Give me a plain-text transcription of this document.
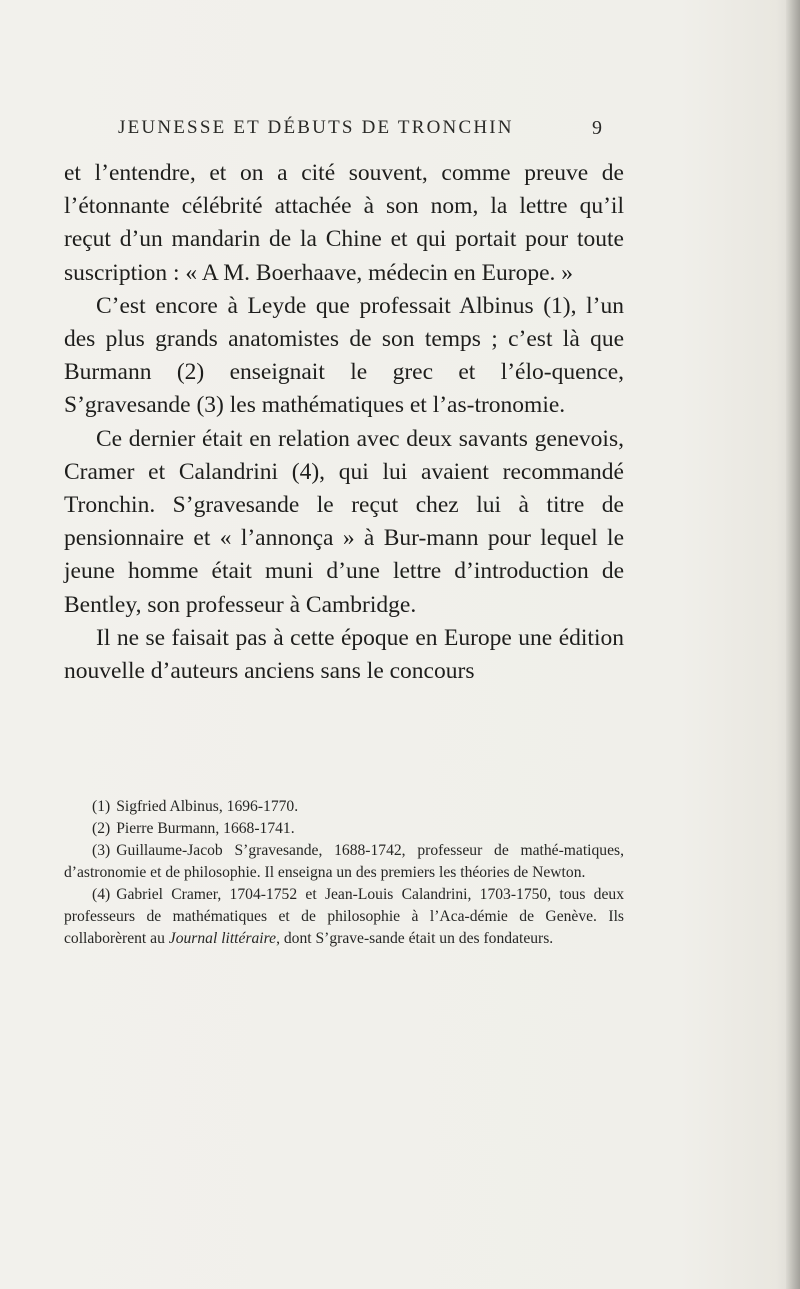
JEUNESSE ET DÉBUTS DE TRONCHIN	9

et l’entendre, et on a cité souvent, comme preuve de l’étonnante célébrité attachée à son nom, la lettre qu’il reçut d’un mandarin de la Chine et qui portait pour toute suscription : « A M. Boerhaave, médecin en Europe. »

C’est encore à Leyde que professait Albinus (1), l’un des plus grands anatomistes de son temps ; c’est là que Burmann (2) enseignait le grec et l’élo-quence, S’gravesande (3) les mathématiques et l’as-tronomie.

Ce dernier était en relation avec deux savants genevois, Cramer et Calandrini (4), qui lui avaient recommandé Tronchin. S’gravesande le reçut chez lui à titre de pensionnaire et « l’annonça » à Bur-mann pour lequel le jeune homme était muni d’une lettre d’introduction de Bentley, son professeur à Cambridge.

Il ne se faisait pas à cette époque en Europe une édition nouvelle d’auteurs anciens sans le concours

(1) Sigfried Albinus, 1696-1770.

(2) Pierre Burmann, 1668-1741.

(3) Guillaume-Jacob S’gravesande, 1688-1742, professeur de mathé-matiques, d’astronomie et de philosophie. Il enseigna un des premiers les théories de Newton.

(4) Gabriel Cramer, 1704-1752 et Jean-Louis Calandrini, 1703-1750, tous deux professeurs de mathématiques et de philosophie à l’Aca-démie de Genève. Ils collaborèrent au Journal littéraire, dont S’grave-sande était un des fondateurs.
